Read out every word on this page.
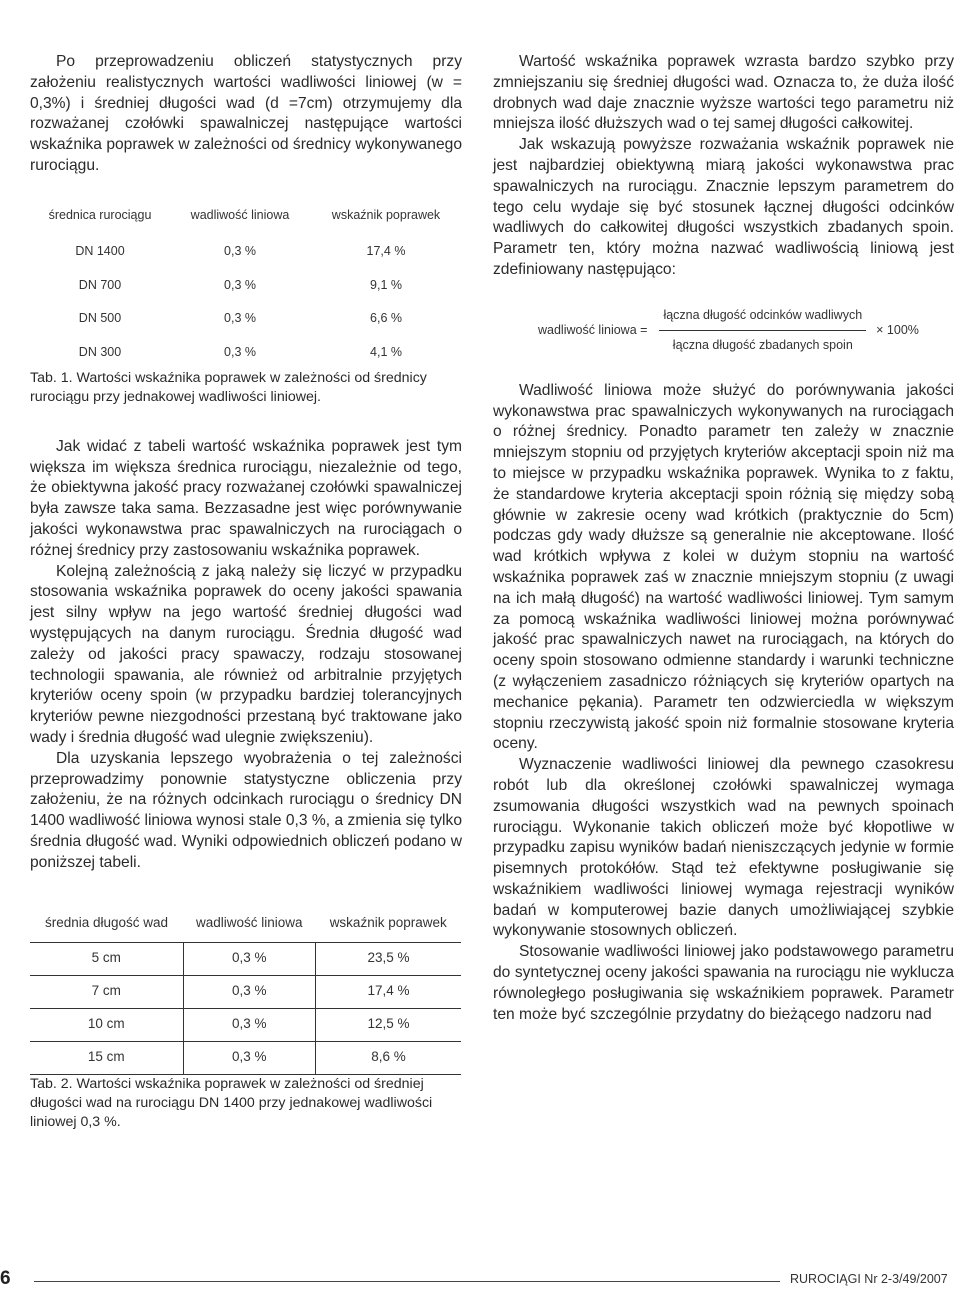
Po przeprowadzeniu obliczeń statystycznych przy założeniu realistycznych wartości wadliwości liniowej (w = 0,3%) i średniej długości wad (d =7cm) otrzymujemy dla rozważanej czołówki spawalniczej następujące wartości wskaźnika poprawek w zależności od średnicy wykonywanego rurociągu.

średnica rurociągu	wadliwość liniowa	wskaźnik poprawek
DN 1400	0,3 %	17,4 %
DN 700	0,3 %	9,1 %
DN 500	0,3 %	6,6 %
DN 300	0,3 %	4,1 %

Tab. 1. Wartości wskaźnika poprawek w zależności od średnicy rurociągu przy jednakowej wadliwości liniowej.

Jak widać z tabeli wartość wskaźnika poprawek jest tym większa im większa średnica rurociągu, niezależnie od tego, że obiektywna jakość pracy rozważanej czołówki spawalniczej była zawsze taka sama. Bezzasadne jest więc porównywanie jakości wykonawstwa prac spawalniczych na rurociągach o różnej średnicy przy zastosowaniu wskaźnika poprawek.

Kolejną zależnością z jaką należy się liczyć w przypadku stosowania wskaźnika poprawek do oceny jakości spawania jest silny wpływ na jego wartość średniej długości wad występujących na danym rurociągu. Średnia długość wad zależy od jakości pracy spawaczy, rodzaju stosowanej technologii spawania, ale również od arbitralnie przyjętych kryteriów oceny spoin (w przypadku bardziej tolerancyjnych kryteriów pewne niezgodności przestaną być traktowane jako wady i średnia długość wad ulegnie zwiększeniu).

Dla uzyskania lepszego wyobrażenia o tej zależności przeprowadzimy ponownie statystyczne obliczenia przy założeniu, że na różnych odcinkach rurociągu o średnicy DN 1400 wadliwość liniowa wynosi stale 0,3 %, a zmienia się tylko średnia długość wad. Wyniki odpowiednich obliczeń podano w poniższej tabeli.

średnia długość wad	wadliwość liniowa	wskaźnik poprawek
5 cm	0,3 %	23,5 %
7 cm	0,3 %	17,4 %
10 cm	0,3 %	12,5 %
15 cm	0,3 %	8,6 %

Tab. 2. Wartości wskaźnika poprawek w zależności od średniej długości wad na rurociągu DN 1400 przy jednakowej wadliwości liniowej 0,3 %.

Wartość wskaźnika poprawek wzrasta bardzo szybko przy zmniejszaniu się średniej długości wad. Oznacza to, że duża ilość drobnych wad daje znacznie wyższe wartości tego parametru niż mniejsza ilość dłuższych wad o tej samej długości całkowitej.

Jak wskazują powyższe rozważania wskaźnik poprawek nie jest najbardziej obiektywną miarą jakości wykonawstwa prac spawalniczych na rurociągu. Znacznie lepszym parametrem do tego celu wydaje się być stosunek łącznej długości odcinków wadliwych do całkowitej długości wszystkich zbadanych spoin. Parametr ten, który można nazwać wadliwością liniową jest zdefiniowany następująco:

wadliwość liniowa = $\frac{\text{łączna długość odcinków wadliwych}}{\text{łączna długość zbadanych spoin}} \times 100\%$

Wadliwość liniowa może służyć do porównywania jakości wykonawstwa prac spawalniczych wykonywanych na rurociągach o różnej średnicy. Ponadto parametr ten zależy w znacznie mniejszym stopniu od przyjętych kryteriów akceptacji spoin niż ma to miejsce w przypadku wskaźnika poprawek. Wynika to z faktu, że standardowe kryteria akceptacji spoin różnią się między sobą głównie w zakresie oceny wad krótkich (praktycznie do 5cm) podczas gdy wady dłuższe są generalnie nie akceptowane. Ilość wad krótkich wpływa z kolei w dużym stopniu na wartość wskaźnika poprawek zaś w znacznie mniejszym stopniu (z uwagi na ich małą długość) na wartość wadliwości liniowej. Tym samym za pomocą wskaźnika wadliwości liniowej można porównywać jakość prac spawalniczych nawet na rurociągach, na których do oceny spoin stosowano odmienne standardy i warunki techniczne (z wyłączeniem zasadniczo różniących się kryteriów opartych na mechanice pękania). Parametr ten odzwierciedla w większym stopniu rzeczywistą jakość spoin niż formalnie stosowane kryteria oceny.

Wyznaczenie wadliwości liniowej dla pewnego czasokresu robót lub dla określonej czołówki spawalniczej wymaga zsumowania długości wszystkich wad na pewnych spoinach rurociągu. Wykonanie takich obliczeń może być kłopotliwe w przypadku zapisu wyników badań nieniszczących jedynie w formie pisemnych protokółów. Stąd też efektywne posługiwanie się wskaźnikiem wadliwości liniowej wymaga rejestracji wyników badań w komputerowej bazie danych umożliwiającej szybkie wykonywanie stosownych obliczeń.

Stosowanie wadliwości liniowej jako podstawowego parametru do syntetycznej oceny jakości spawania na rurociągu nie wyklucza równoległego posługiwania się wskaźnikiem poprawek. Parametr ten może być szczególnie przydatny do bieżącego nadzoru nad

6	RUROCIĄGI Nr 2-3/49/2007
